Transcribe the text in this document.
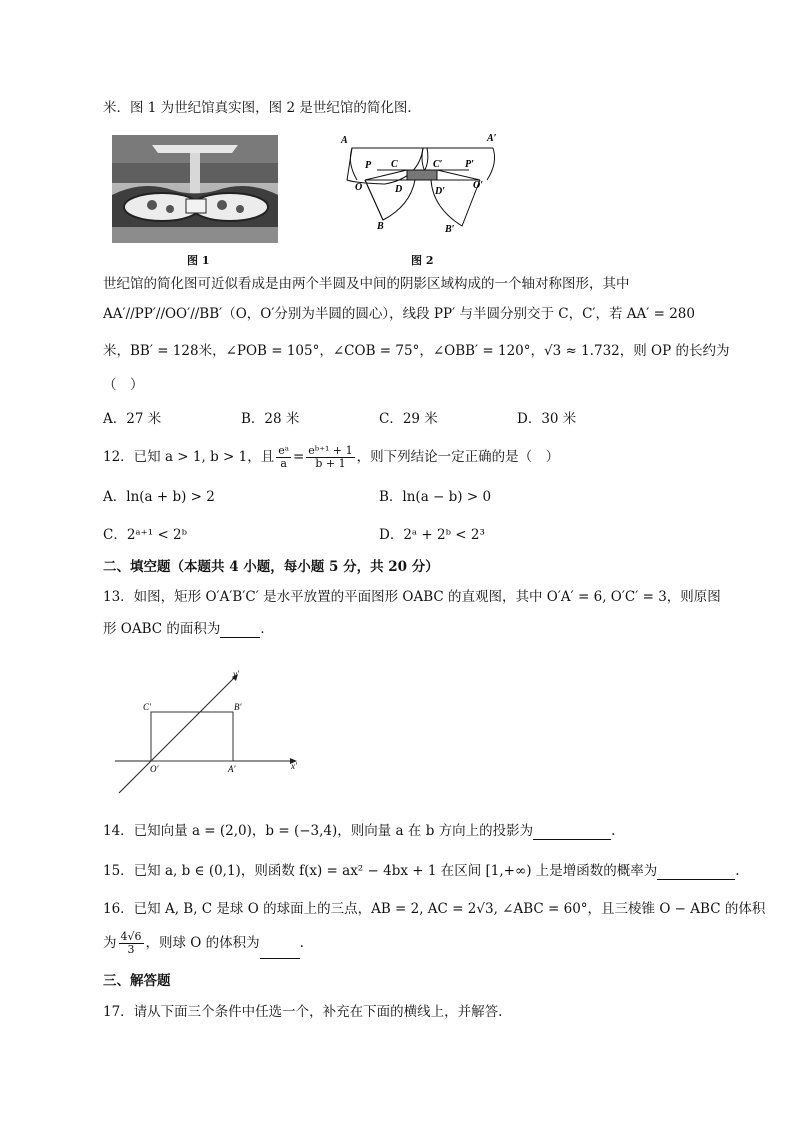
米．图 1 为世纪馆真实图，图 2 是世纪馆的简化图．
图 1
A	A′
P C	C′ P′
O	D	D′
O′
B	B′
图 2
世纪馆的简化图可近似看成是由两个半圆及中间的阴影区域构成的一个轴对称图形，其中
AA′//PP′//OO′//BB′（O，O′分别为半圆的圆心），线段 PP′ 与半圆分别交于 C，C′，若 AA′ = 280
米，BB′ = 128米，∠POB = 105°，∠COB = 75°，∠OBB′ = 120°，√3 ≈ 1.732，则 OP 的长约为
（　）
A．27 米	B．28 米	C．29 米	D．30 米
12．已知 a > 1, b > 1，且 $\frac{\text{eᵃ}}{a} = \frac{\text{eᵇ⁺¹ + 1}}{b + 1}$ ，则下列结论一定正确的是（　）
A．ln(a + b) > 2	B．ln(a − b) > 0
C．2ᵃ⁺¹ < 2ᵇ	D．2ᵃ + 2ᵇ < 2³
二、填空题（本题共 4 小题，每小题 5 分，共 20 分）
13．如图，矩形 O′A′B′C′ 是水平放置的平面图形 OABC 的直观图，其中 O′A′ = 6, O′C′ = 3，则原图
形 OABC 的面积为	．
y′
C′	B′
O′	A′	x′
14．已知向量 a = (2,0)，b = (−3,4)，则向量 a 在 b 方向上的投影为	.
15．已知 a, b ∈ (0,1)，则函数 f(x) = ax² − 4bx + 1 在区间 [1,+∞) 上是增函数的概率为	.
16．已知 A, B, C 是球 O 的球面上的三点，AB = 2, AC = 2√3, ∠ABC = 60°，且三棱锥 O − ABC 的体积
为 $\frac{4√6}{3}$ ，则球 O 的体积为	.
三、解答题
17．请从下面三个条件中任选一个，补充在下面的横线上，并解答.
